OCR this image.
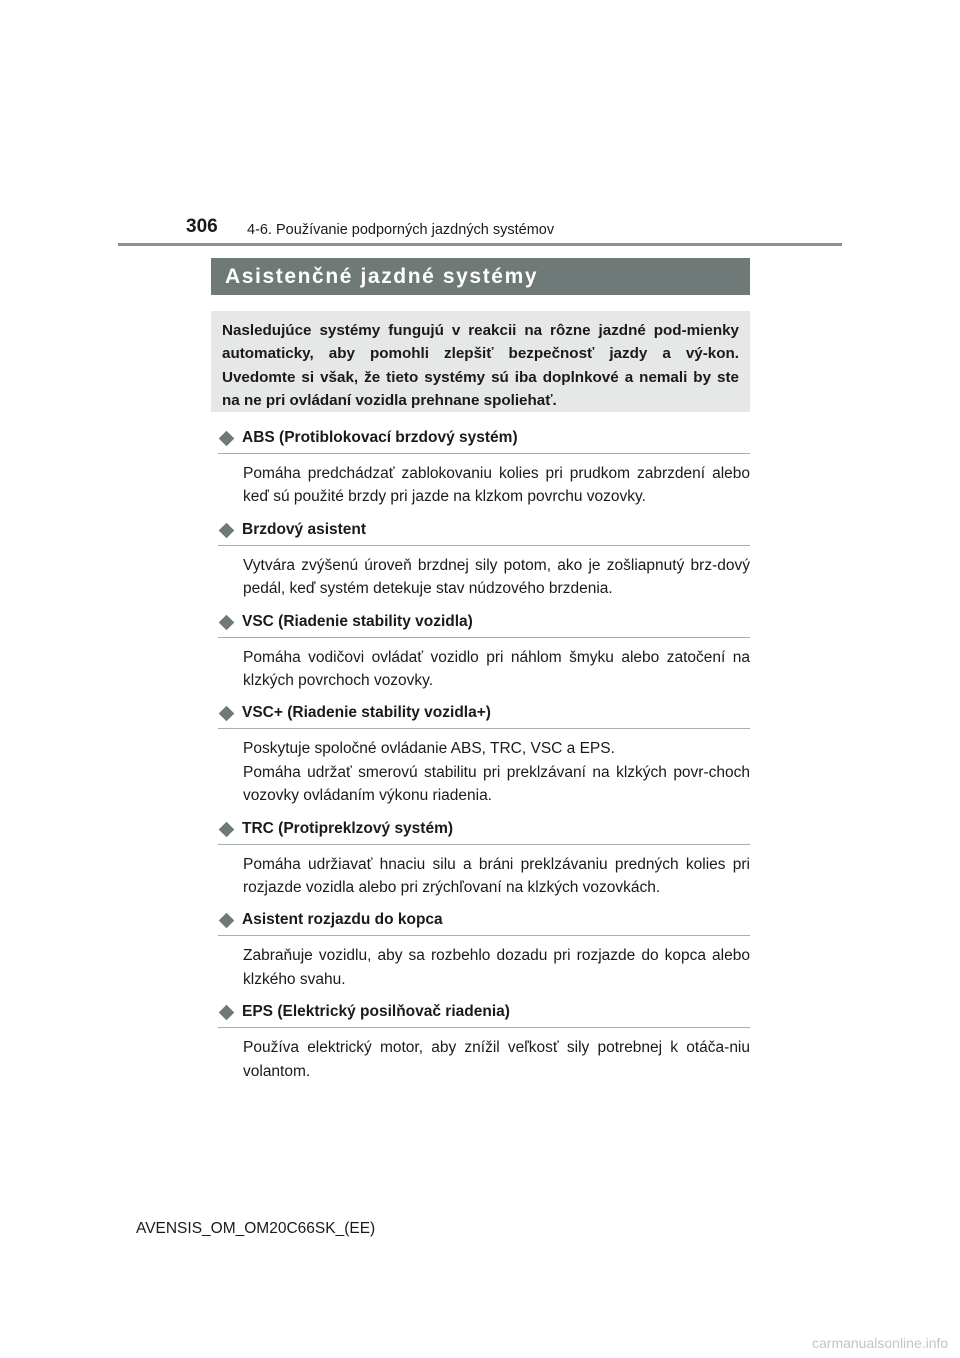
306 4-6. Používanie podporných jazdných systémov
Asistenčné jazdné systémy

Nasledujúce systémy fungujú v reakcii na rôzne jazdné pod-mienky automaticky, aby pomohli zlepšiť bezpečnosť jazdy a vý-kon. Uvedomte si však, že tieto systémy sú iba doplnkové a nemali by ste na ne pri ovládaní vozidla prehnane spoliehať.

ABS (Protiblokovací brzdový systém)

Pomáha predchádzať zablokovaniu kolies pri prudkom zabrzdení alebo keď sú použité brzdy pri jazde na klzkom povrchu vozovky.

Brzdový asistent

Vytvára zvýšenú úroveň brzdnej sily potom, ako je zošliapnutý brz-dový pedál, keď systém detekuje stav núdzového brzdenia.

VSC (Riadenie stability vozidla)

Pomáha vodičovi ovládať vozidlo pri náhlom šmyku alebo zatočení na klzkých povrchoch vozovky.

VSC+ (Riadenie stability vozidla+)

Poskytuje spoločné ovládanie ABS, TRC, VSC a EPS.

Pomáha udržať smerovú stabilitu pri preklzávaní na klzkých povr-choch vozovky ovládaním výkonu riadenia.

TRC (Protipreklzový systém)

Pomáha udržiavať hnaciu silu a bráni preklzávaniu predných kolies pri rozjazde vozidla alebo pri zrýchľovaní na klzkých vozovkách.

Asistent rozjazdu do kopca

Zabraňuje vozidlu, aby sa rozbehlo dozadu pri rozjazde do kopca alebo klzkého svahu.

EPS (Elektrický posilňovač riadenia)

Používa elektrický motor, aby znížil veľkosť sily potrebnej k otáča-niu volantom.

AVENSIS_OM_OM20C66SK_(EE)
carmanualsonline.info
